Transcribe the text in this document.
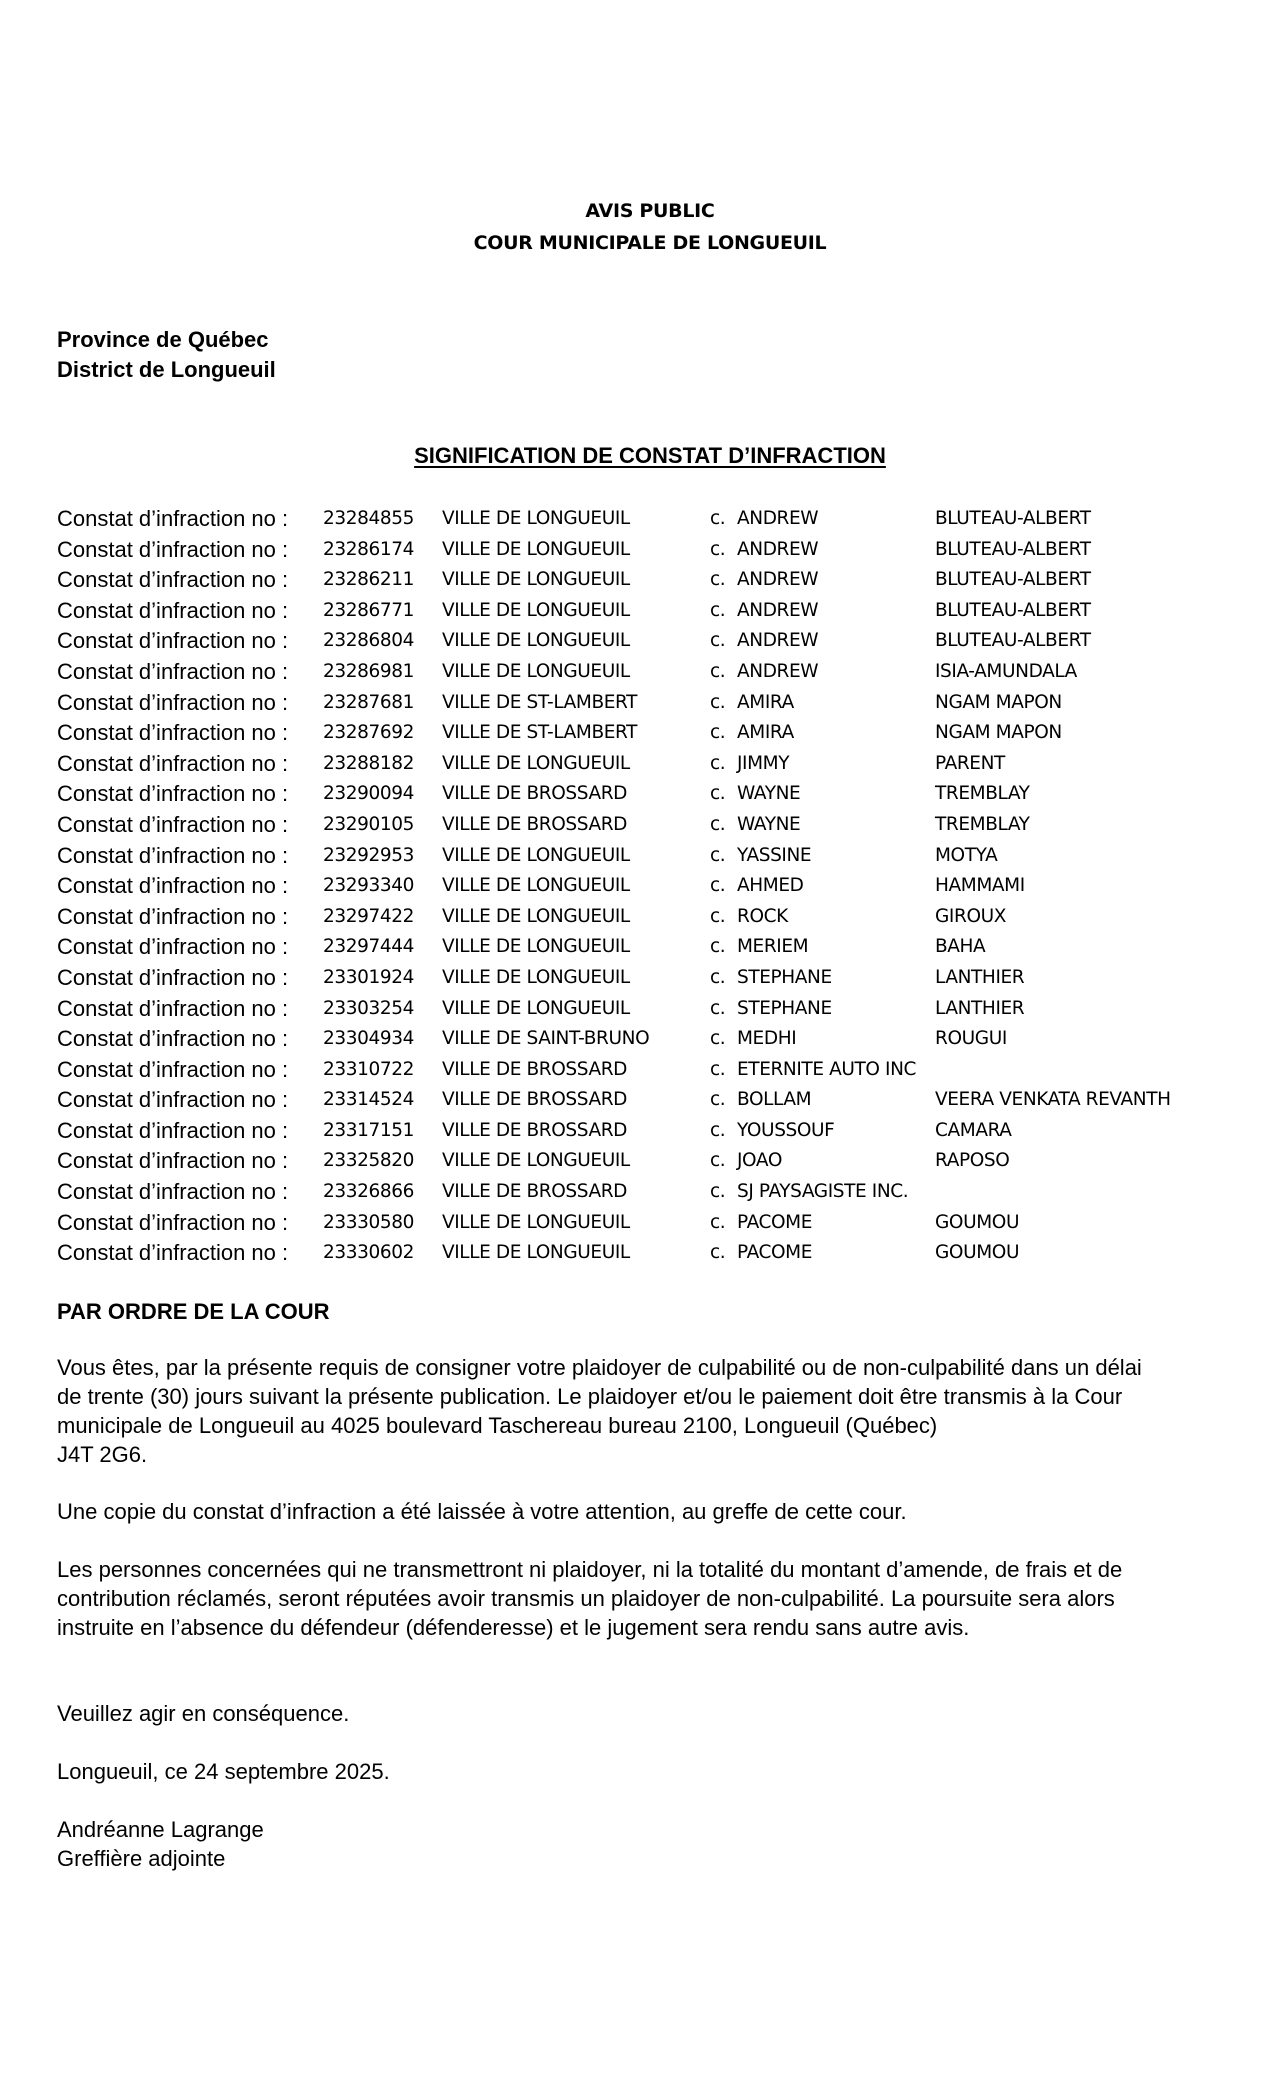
AVIS PUBLIC
COUR MUNICIPALE DE LONGUEUIL
Province de Québec
District de Longueuil
SIGNIFICATION DE CONSTAT D’INFRACTION
Constat d’infraction no : 23284855 VILLE DE LONGUEUIL	c. ANDREW	BLUTEAU-ALBERT
Constat d’infraction no : 23286174 VILLE DE LONGUEUIL	c. ANDREW	BLUTEAU-ALBERT
Constat d’infraction no : 23286211 VILLE DE LONGUEUIL	c. ANDREW	BLUTEAU-ALBERT
Constat d’infraction no : 23286771 VILLE DE LONGUEUIL	c. ANDREW	BLUTEAU-ALBERT
Constat d’infraction no : 23286804 VILLE DE LONGUEUIL	c. ANDREW	BLUTEAU-ALBERT
Constat d’infraction no : 23286981 VILLE DE LONGUEUIL	c. ANDREW	ISIA-AMUNDALA
Constat d’infraction no : 23287681 VILLE DE ST-LAMBERT	c. AMIRA	NGAM MAPON
Constat d’infraction no : 23287692 VILLE DE ST-LAMBERT	c. AMIRA	NGAM MAPON
Constat d’infraction no : 23288182 VILLE DE LONGUEUIL	c. JIMMY	PARENT
Constat d’infraction no : 23290094 VILLE DE BROSSARD	c. WAYNE	TREMBLAY
Constat d’infraction no : 23290105 VILLE DE BROSSARD	c. WAYNE	TREMBLAY
Constat d’infraction no : 23292953 VILLE DE LONGUEUIL	c. YASSINE	MOTYA
Constat d’infraction no : 23293340 VILLE DE LONGUEUIL	c. AHMED	HAMMAMI
Constat d’infraction no : 23297422 VILLE DE LONGUEUIL	c. ROCK	GIROUX
Constat d’infraction no : 23297444 VILLE DE LONGUEUIL	c. MERIEM	BAHA
Constat d’infraction no : 23301924 VILLE DE LONGUEUIL	c. STEPHANE	LANTHIER
Constat d’infraction no : 23303254 VILLE DE LONGUEUIL	c. STEPHANE	LANTHIER
Constat d’infraction no : 23304934 VILLE DE SAINT-BRUNO	c. MEDHI	ROUGUI
Constat d’infraction no : 23310722 VILLE DE BROSSARD	c. ETERNITE AUTO INC
Constat d’infraction no : 23314524 VILLE DE BROSSARD	c. BOLLAM	VEERA VENKATA REVANTH
Constat d’infraction no : 23317151 VILLE DE BROSSARD	c. YOUSSOUF	CAMARA
Constat d’infraction no : 23325820 VILLE DE LONGUEUIL	c. JOAO	RAPOSO
Constat d’infraction no : 23326866 VILLE DE BROSSARD	c. SJ PAYSAGISTE INC.
Constat d’infraction no : 23330580 VILLE DE LONGUEUIL	c. PACOME	GOUMOU
Constat d’infraction no : 23330602 VILLE DE LONGUEUIL	c. PACOME	GOUMOU
PAR ORDRE DE LA COUR

Vous êtes, par la présente requis de consigner votre plaidoyer de culpabilité ou de non-culpabilité dans un délai

de trente (30) jours suivant la présente publication. Le plaidoyer et/ou le paiement doit être transmis à la Cour

municipale de Longueuil au 4025 boulevard Taschereau bureau 2100, Longueuil (Québec)

J4T 2G6.

Une copie du constat d’infraction a été laissée à votre attention, au greffe de cette cour.

Les personnes concernées qui ne transmettront ni plaidoyer, ni la totalité du montant d’amende, de frais et de

contribution réclamés, seront réputées avoir transmis un plaidoyer de non-culpabilité. La poursuite sera alors

instruite en l’absence du défendeur (défenderesse) et le jugement sera rendu sans autre avis.

Veuillez agir en conséquence.
Longueuil, ce 24 septembre 2025.
Andréanne Lagrange
Greffière adjointe
